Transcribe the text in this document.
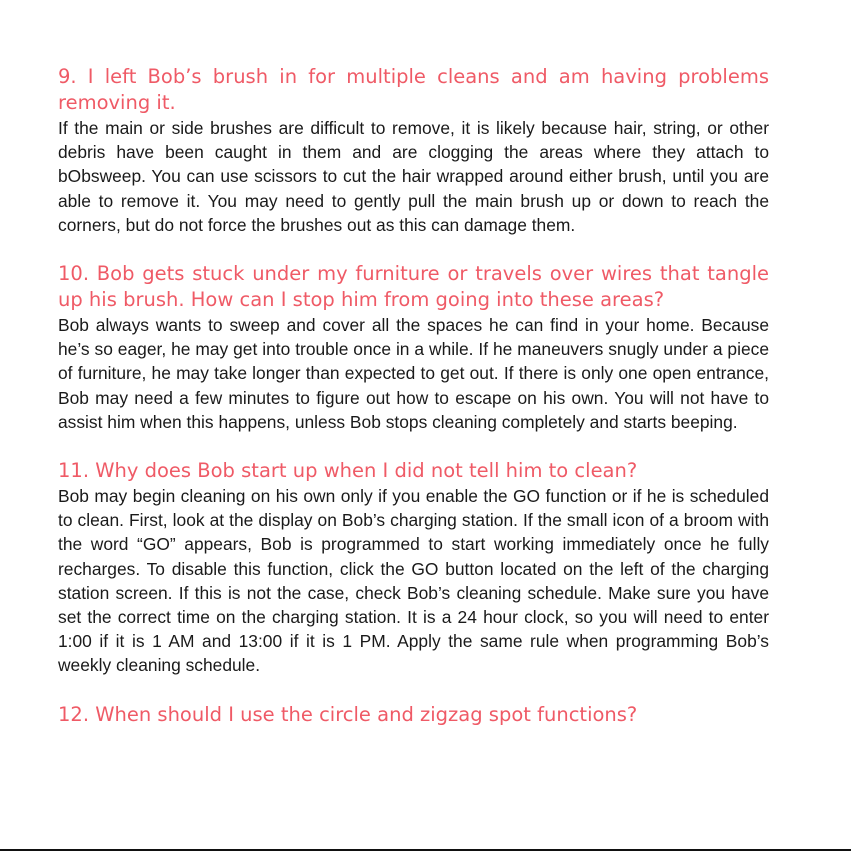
9. I left Bob’s brush in for multiple cleans and am having problems removing it.

If the main or side brushes are difficult to remove, it is likely because hair, string, or other debris have been caught in them and are clogging the areas where they attach to bObsweep. You can use scissors to cut the hair wrapped around either brush, until you are able to remove it. You may need to gently pull the main brush up or down to reach the corners, but do not force the brushes out as this can damage them.

10. Bob gets stuck under my furniture or travels over wires that tangle up his brush. How can I stop him from going into these areas?

Bob always wants to sweep and cover all the spaces he can find in your home. Because he’s so eager, he may get into trouble once in a while. If he maneuvers snugly under a piece of furniture, he may take longer than expected to get out. If there is only one open entrance, Bob may need a few minutes to figure out how to escape on his own. You will not have to assist him when this happens, unless Bob stops cleaning completely and starts beeping.

11. Why does Bob start up when I did not tell him to clean?

Bob may begin cleaning on his own only if you enable the GO function or if he is scheduled to clean. First, look at the display on Bob’s charging station. If the small icon of a broom with the word “GO” appears, Bob is programmed to start working immediately once he fully recharges. To disable this function, click the GO button located on the left of the charging station screen. If this is not the case, check Bob’s cleaning schedule. Make sure you have set the correct time on the charging station. It is a 24 hour clock, so you will need to enter 1:00 if it is 1 AM and 13:00 if it is 1 PM. Apply the same rule when programming Bob’s weekly cleaning schedule.

12. When should I use the circle and zigzag spot functions?
